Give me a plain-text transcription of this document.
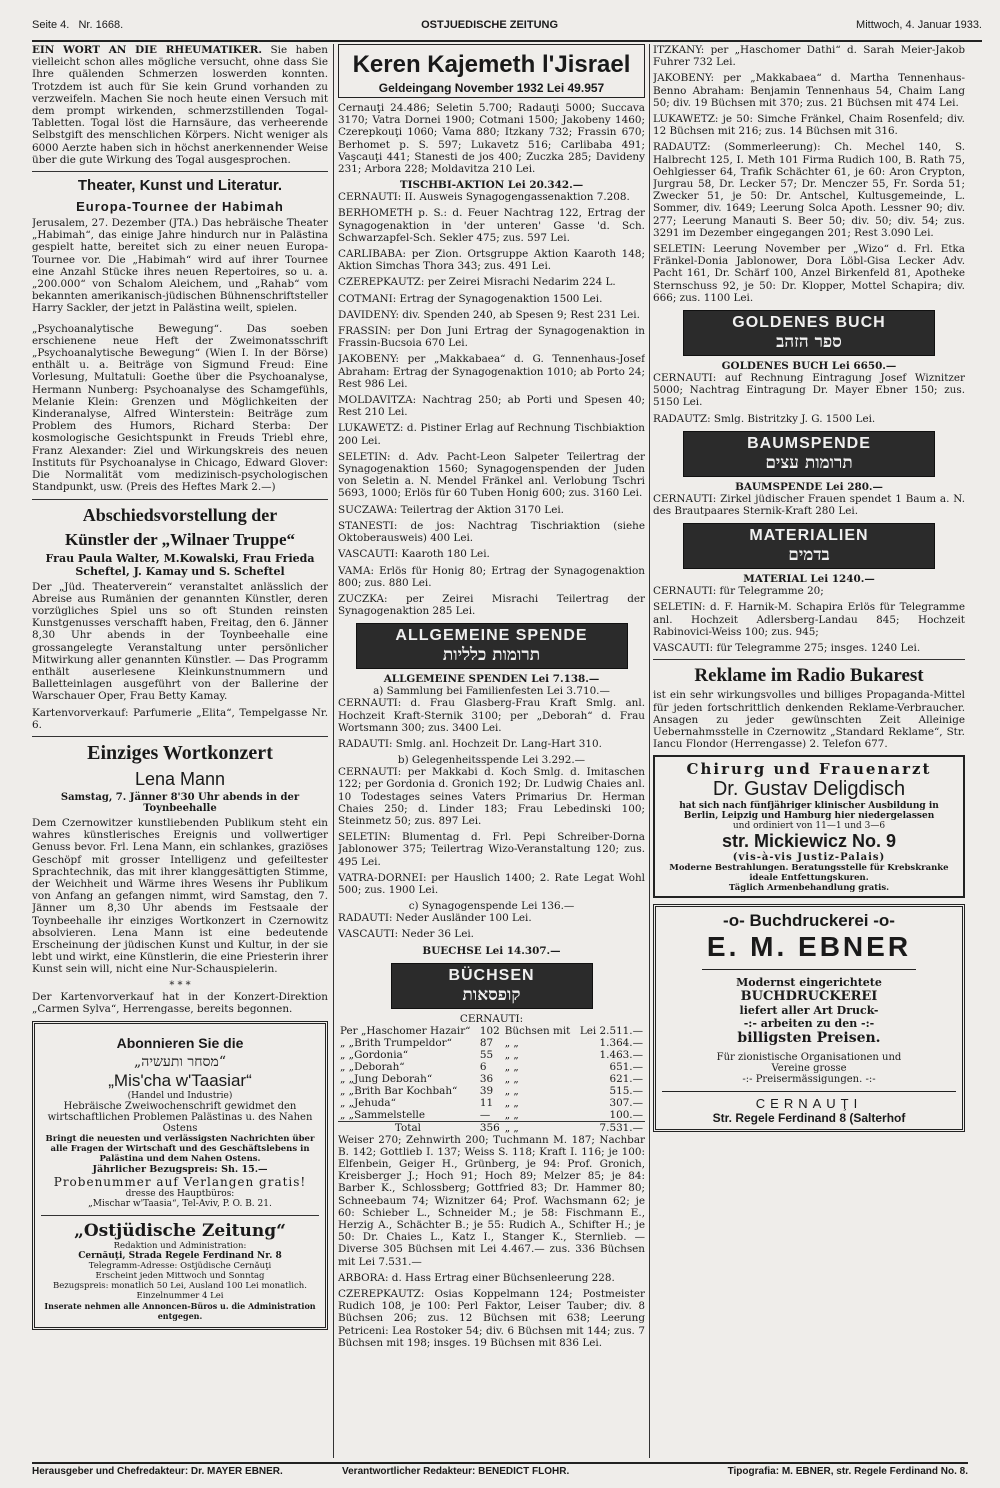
Seite 4. Nr. 1668.	OSTJUEDISCHE ZEITUNG	Mittwoch, 4. Januar 1933.

EIN WORT AN DIE RHEUMATIKER. Sie haben vielleicht schon alles mögliche versucht, ohne dass Sie Ihre quälenden Schmerzen loswerden konnten. Trotzdem ist auch für Sie kein Grund vorhanden zu verzweifeln. Machen Sie noch heute einen Versuch mit dem prompt wirkenden, schmerzstillenden Togal-Tabletten. Togal löst die Harnsäure, das verheerende Selbstgift des menschlichen Körpers. Nicht weniger als 6000 Aerzte haben sich in höchst anerkennender Weise über die gute Wirkung des Togal ausgesprochen.

Theater, Kunst und Literatur.
Europa-Tournee der Habimah

Jerusalem, 27. Dezember (JTA.) Das hebräische Theater „Habimah“, das einige Jahre hindurch nur in Palästina gespielt hatte, bereitet sich zu einer neuen Europa-Tournee vor. Die „Habimah“ wird auf ihrer Tournee eine Anzahl Stücke ihres neuen Repertoires, so u. a. „200.000“ von Schalom Aleichem, und „Rahab“ vom bekannten amerikanisch-jüdischen Bühnenschriftsteller Harry Sackler, der jetzt in Palästina weilt, spielen.

„Psychoanalytische Bewegung“. Das soeben erschienene neue Heft der Zweimonatsschrift „Psychoanalytische Bewegung“ (Wien I. In der Börse) enthält u. a. Beiträge von Sigmund Freud: Eine Vorlesung, Multatuli: Goethe über die Psychoanalyse, Hermann Nunberg: Psychoanalyse des Schamgefühls, Melanie Klein: Grenzen und Möglichkeiten der Kinderanalyse, Alfred Winterstein: Beiträge zum Problem des Humors, Richard Sterba: Der kosmologische Gesichtspunkt in Freuds Triebl ehre, Franz Alexander: Ziel und Wirkungskreis des neuen Instituts für Psychoanalyse in Chicago, Edward Glover: Die Normalität vom medizinisch-psychologischen Standpunkt, usw. (Preis des Heftes Mark 2.—)

Abschiedsvorstellung der
Künstler der „Wilnaer Truppe“
Frau Paula Walter, M.Kowalski, Frau Frieda
Scheftel, J. Kamay und S. Scheftel

Der „Jüd. Theaterverein“ veranstaltet anlässlich der Abreise aus Rumänien der genannten Künstler, deren vorzügliches Spiel uns so oft Stunden reinsten Kunstgenusses verschafft haben, Freitag, den 6. Jänner 8,30 Uhr abends in der Toynbeehalle eine grossangelegte Veranstaltung unter persönlicher Mitwirkung aller genannten Künstler. — Das Programm enthält auserlesene Kleinkunstnummern und Balletteinlagen ausgeführt von der Ballerine der Warschauer Oper, Frau Betty Kamay.

Kartenvorverkauf: Parfumerie „Elita“, Tempelgasse Nr. 6.

Einziges Wortkonzert
Lena Mann
Samstag, 7. Jänner 8'30 Uhr abends in der Toynbeehalle

Dem Czernowitzer kunstliebenden Publikum steht ein wahres künstlerisches Ereignis und vollwertiger Genuss bevor. Frl. Lena Mann, ein schlankes, graziöses Geschöpf mit grosser Intelligenz und gefeiltester Sprachtechnik, das mit ihrer klanggesättigten Stimme, der Weichheit und Wärme ihres Wesens ihr Publikum von Anfang an gefangen nimmt, wird Samstag, den 7. Jänner um 8,30 Uhr abends im Festsaale der Toynbeehalle ihr einziges Wortkonzert in Czernowitz absolvieren. Lena Mann ist eine bedeutende Erscheinung der jüdischen Kunst und Kultur, in der sie lebt und wirkt, eine Künstlerin, die eine Priesterin ihrer Kunst sein will, nicht eine Nur-Schauspielerin.

* * *

Der Kartenvorverkauf hat in der Konzert-Direktion „Carmen Sylva“, Herrengasse, bereits begonnen.

Abonnieren Sie die
„מסחר ותעשיה“
„Mis'cha w'Taasiar“
(Handel und Industrie)
Hebräische Zweiwochenschrift gewidmet den wirtschaftlichen Problemen Palästinas u. des Nahen Ostens
Bringt die neuesten und verlässigsten Nachrichten über alle Fragen der Wirtschaft und des Geschäftslebens in Palästina und dem Nahen Ostens.
Jährlicher Bezugspreis: Sh. 15.—
Probenummer auf Verlangen gratis!
dresse des Hauptbüros:
„Mischar w'Taasia“, Tel-Aviv, P. O. B. 21.
„Ostjüdische Zeitung“
Redaktion und Administration:
Cernăuţi, Strada Regele Ferdinand Nr. 8
Telegramm-Adresse: Ostjüdische Cernăuţi
Erscheint jeden Mittwoch und Sonntag
Bezugspreis: monatlich 50 Lei, Ausland 100 Lei monatlich. Einzelnummer 4 Lei
Inserate nehmen alle Annoncen-Büros u. die Administration entgegen.
Keren Kajemeth l'Jisrael
Geldeingang November 1932 Lei 49.957

Cernauţi 24.486; Seletin 5.700; Radauţi 5000; Succava 3170; Vatra Dornei 1900; Cotmani 1500; Jakobeny 1460; Czerepkouţi 1060; Vama 880; Itzkany 732; Frassin 670; Berhomet p. S. 597; Lukavetz 516; Carlibaba 491; Vaşcauţi 441; Stanesti de jos 400; Zuczka 285; Davideny 231; Arbora 228; Moldavitza 210 Lei.

TISCHBI-AKTION Lei 20.342.—

CERNAUTI: II. Ausweis Synagogengassenaktion 7.208.

BERHOMETH p. S.: d. Feuer Nachtrag 122, Ertrag der Synagogenaktion in 'der unteren' Gasse 'd. Sch. Schwarzapfel-Sch. Sekler 475; zus. 597 Lei.

CARLIBABA: per Zion. Ortsgruppe Aktion Kaaroth 148; Aktion Simchas Thora 343; zus. 491 Lei.

CZEREPKAUTZ: per Zeirei Misrachi Nedarim 224 L.

COTMANI: Ertrag der Synagogenaktion 1500 Lei.

DAVIDENY: div. Spenden 240, ab Spesen 9; Rest 231 Lei.

FRASSIN: per Don Juni Ertrag der Synagogenaktion in Frassin-Bucsoia 670 Lei.

JAKOBENY: per „Makkabaea“ d. G. Tennenhaus-Josef Abraham: Ertrag der Synagogenaktion 1010; ab Porto 24; Rest 986 Lei.

MOLDAVITZA: Nachtrag 250; ab Porti und Spesen 40; Rest 210 Lei.

LUKAWETZ: d. Pistiner Erlag auf Rechnung Tischbiaktion 200 Lei.

SELETIN: d. Adv. Pacht-Leon Salpeter Teilertrag der Synagogenaktion 1560; Synagogenspenden der Juden von Seletin a. N. Mendel Fränkel anl. Verlobung Tschri 5693, 1000; Erlös für 60 Tuben Honig 600; zus. 3160 Lei.

SUCZAWA: Teilertrag der Aktion 3170 Lei.

STANESTI: de jos: Nachtrag Tischriaktion (siehe Oktoberausweis) 400 Lei.

VASCAUTI: Kaaroth 180 Lei.

VAMA: Erlös für Honig 80; Ertrag der Synagogenaktion 800; zus. 880 Lei.

ZUCZKA: per Zeirei Misrachi Teilertrag der Synagogenaktion 285 Lei.

ALLGEMEINE SPENDE
תרומות כלליות
ALLGEMEINE SPENDEN Lei 7.138.—
a) Sammlung bei Familienfesten Lei 3.710.—

CERNAUTI: d. Frau Glasberg-Frau Kraft Smlg. anl. Hochzeit Kraft-Sternik 3100; per „Deborah“ d. Frau Wortsmann 300; zus. 3400 Lei.

RADAUTI: Smlg. anl. Hochzeit Dr. Lang-Hart 310.

b) Gelegenheitsspende Lei 3.292.—

CERNAUTI: per Makkabi d. Koch Smlg. d. Imitaschen 122; per Gordonia d. Gronich 192; Dr. Ludwig Chaies anl. 10 Todestages seines Vaters Primarius Dr. Herman Chaies 250; d. Linder 183; Frau Lebedinski 100; Steinmetz 50; zus. 897 Lei.

SELETIN: Blumentag d. Frl. Pepi Schreiber-Dorna Jablonower 375; Teilertrag Wizo-Veranstaltung 120; zus. 495 Lei.

VATRA-DORNEI: per Hauslich 1400; 2. Rate Legat Wohl 500; zus. 1900 Lei.

c) Synagogenspende Lei 136.—

RADAUTI: Neder Ausländer 100 Lei.

VASCAUTI: Neder 36 Lei.

BUECHSE Lei 14.307.—
BÜCHSEN
קופסאות
CERNAUTI:
Per „Haschomer Hazair“	102	Büchsen mit	Lei 2.511.—
„ „Brith Trumpeldor“	87	„ „	1.364.—
„ „Gordonia“	55	„ „	1.463.—
„ „Deborah“	6	„ „	651.—
„ „Jung Deborah“	36	„ „	621.—
„ „Brith Bar Kochbah“	39	„ „	515.—
„ „Jehuda“	11	„ „	307.—
„ „Sammelstelle	—	„ „	100.—
Total	356	„ „	7.531.—

Weiser 270; Zehnwirth 200; Tuchmann M. 187; Nachbar B. 142; Gottlieb I. 137; Weiss S. 118; Kraft I. 116; je 100: Elfenbein, Geiger H., Grünberg, je 94: Prof. Gronich, Kreisberger J.; Hoch 91; Hoch 89; Melzer 85; je 84: Barber K., Schlossberg; Gottfried 83; Dr. Hammer 80; Schneebaum 74; Wiznitzer 64; Prof. Wachsmann 62; je 60: Schieber L., Schneider M.; je 58: Fischmann E., Herzig A., Schächter B.; je 55: Rudich A., Schifter H.; je 50: Dr. Chaies L., Katz I., Stanger K., Sternlieb. — Diverse 305 Büchsen mit Lei 4.467.— zus. 336 Büchsen mit Lei 7.531.—

ARBORA: d. Hass Ertrag einer Büchsenleerung 228.

CZEREPKAUTZ: Osias Koppelmann 124; Postmeister Rudich 108, je 100: Perl Faktor, Leiser Tauber; div. 8 Büchsen 206; zus. 12 Büchsen mit 638; Leerung Petriceni: Lea Rostoker 54; div. 6 Büchsen mit 144; zus. 7 Büchsen mit 198; insges. 19 Büchsen mit 836 Lei.

ITZKANY: per „Haschomer Dathi“ d. Sarah Meier-Jakob Fuhrer 732 Lei.

JAKOBENY: per „Makkabaea“ d. Martha Tennenhaus-Benno Abraham: Benjamin Tennenhaus 54, Chaim Lang 50; div. 19 Büchsen mit 370; zus. 21 Büchsen mit 474 Lei.

LUKAWETZ: je 50: Simche Fränkel, Chaim Rosenfeld; div. 12 Büchsen mit 216; zus. 14 Büchsen mit 316.

RADAUTZ: (Sommerleerung): Ch. Mechel 140, S. Halbrecht 125, I. Meth 101 Firma Rudich 100, B. Rath 75, Oehlgiesser 64, Trafik Schächter 61, je 60: Aron Crypton, Jurgrau 58, Dr. Lecker 57; Dr. Menczer 55, Fr. Sorda 51; Zwecker 51, je 50: Dr. Antschel, Kultusgemeinde, L. Sommer, div. 1649; Leerung Solca Apoth. Lessner 90; div. 277; Leerung Manauti S. Beer 50; div. 50; div. 54; zus. 3291 im Dezember eingegangen 201; Rest 3.090 Lei.

SELETIN: Leerung November per „Wizo“ d. Frl. Etka Fränkel-Donia Jablonower, Dora Löbl-Gisa Lecker Adv. Pacht 161, Dr. Schärf 100, Anzel Birkenfeld 81, Apotheke Sternschuss 92, je 50: Dr. Klopper, Mottel Schapira; div. 666; zus. 1100 Lei.

GOLDENES BUCH
ספר הזהב
GOLDENES BUCH Lei 6650.—

CERNAUTI: auf Rechnung Eintragung Josef Wiznitzer 5000; Nachtrag Eintragung Dr. Mayer Ebner 150; zus. 5150 Lei.

RADAUTZ: Smlg. Bistritzky J. G. 1500 Lei.

BAUMSPENDE
תרומות עצים
BAUMSPENDE Lei 280.—

CERNAUTI: Zirkel jüdischer Frauen spendet 1 Baum a. N. des Brautpaares Sternik-Kraft 280 Lei.

MATERIALIEN
בדמים
MATERIAL Lei 1240.—

CERNAUTI: für Telegramme 20;

SELETIN: d. F. Harnik-M. Schapira Erlös für Telegramme anl. Hochzeit Adlersberg-Landau 845; Hochzeit Rabinovici-Weiss 100; zus. 945;

VASCAUTI: für Telegramme 275; insges. 1240 Lei.

Reklame im Radio Bukarest

ist ein sehr wirkungsvolles und billiges Propaganda-Mittel für jeden fortschrittlich denkenden Reklame-Verbraucher. Ansagen zu jeder gewünschten Zeit Alleinige Uebernahmsstelle in Czernowitz „Standard Reklame“, Str. Iancu Flondor (Herrengasse) 2. Telefon 677.

Chirurg und Frauenarzt
Dr. Gustav Deligdisch
hat sich nach fünfjähriger klinischer Ausbildung in Berlin, Leipzig und Hamburg hier niedergelassen
und ordiniert von 11—1 und 3—6
str. Mickiewicz No. 9
(vis-à-vis Justiz-Palais)
Moderne Bestrahlungen. Beratungsstelle für Krebskranke ideale Entfettungskuren.
Täglich Armenbehandlung gratis.
-o- Buchdruckerei -o-
E. M. EBNER
Modernst eingerichtete
BUCHDRUCKEREI
liefert aller Art Druck-
-:- arbeiten zu den -:-
billigsten Preisen.
Für zionistische Organisationen und Vereine grosse
-:- Preisermässigungen. -:-
CERNAUŢI
Str. Regele Ferdinand 8 (Salterhof
Herausgeber und Chefredakteur: Dr. MAYER EBNER.	Verantwortlicher Redakteur: BENEDICT FLOHR.	Tipografia: M. EBNER, str. Regele Ferdinand No. 8.
